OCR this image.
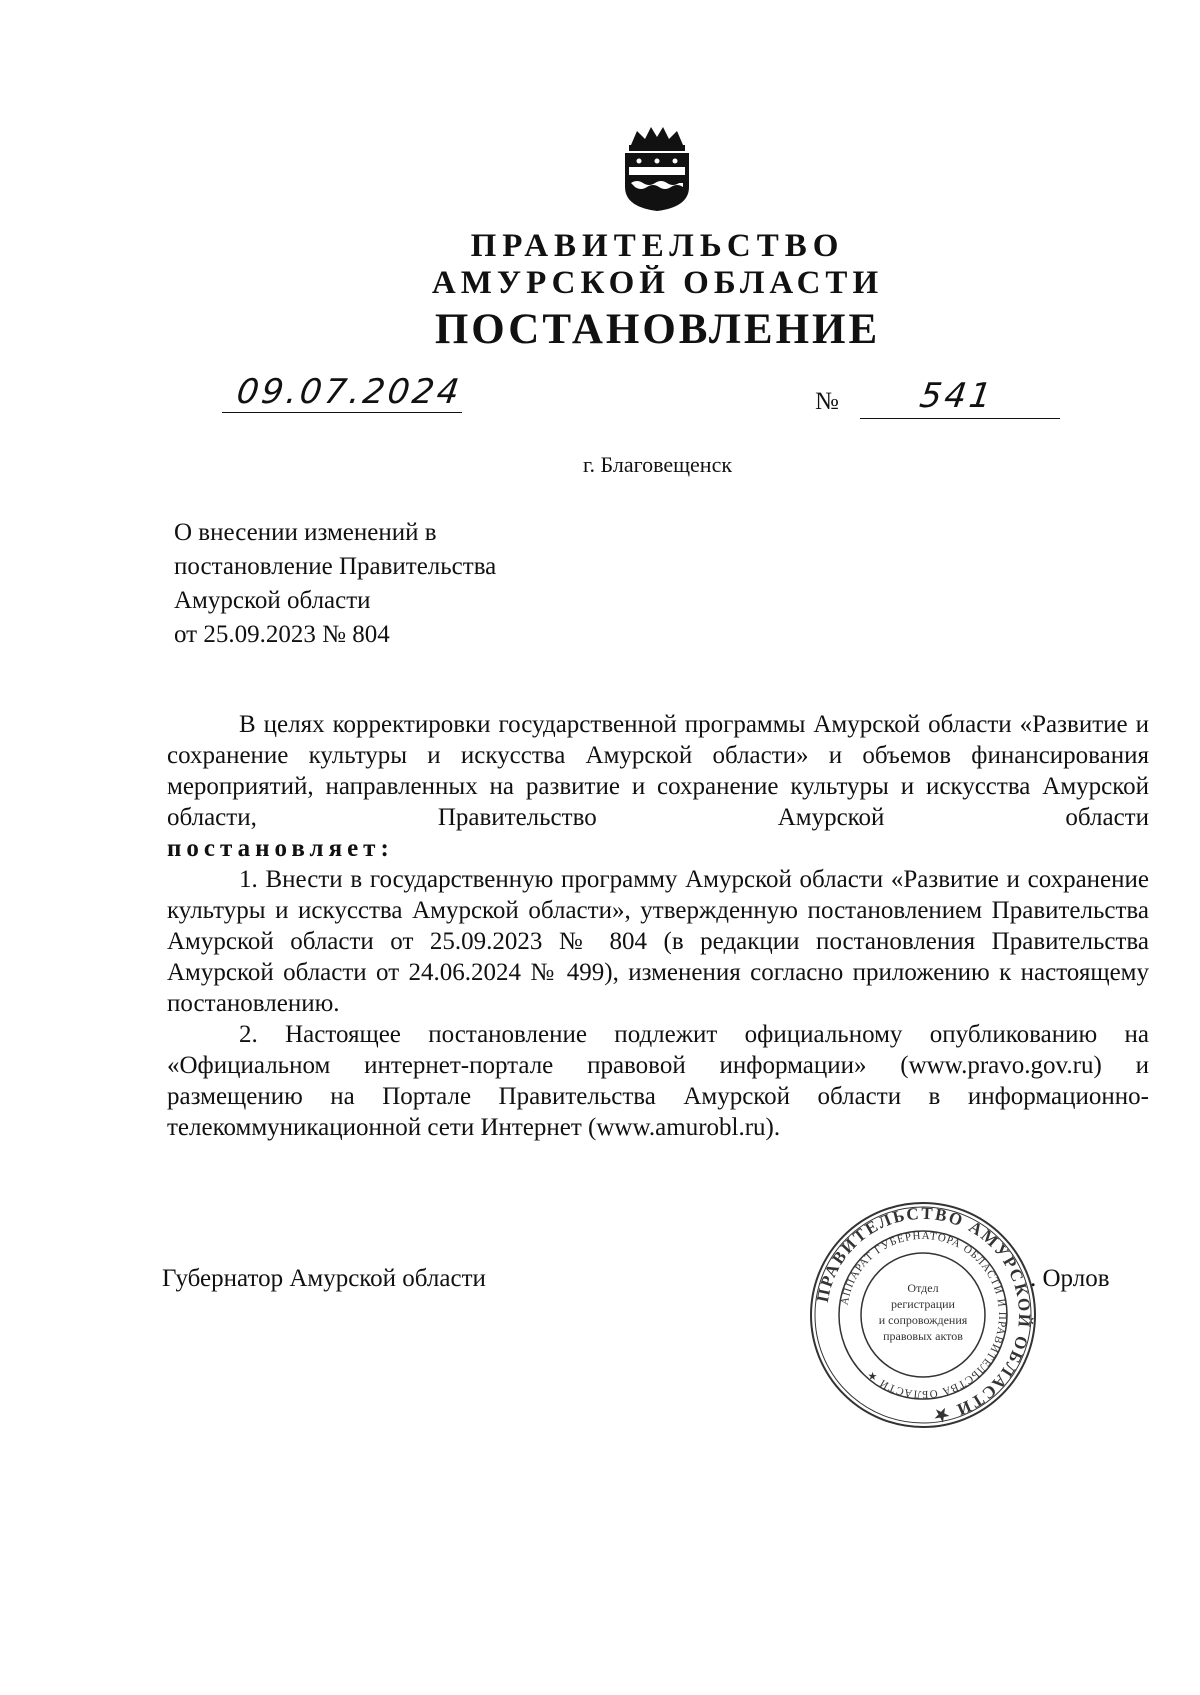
ПРАВИТЕЛЬСТВО
АМУРСКОЙ ОБЛАСТИ
ПОСТАНОВЛЕНИЕ
09.07.2024	№ 541
г. Благовещенск
О внесении изменений в
постановление Правительства
Амурской области
от 25.09.2023 № 804

В целях корректировки государственной программы Амурской области «Развитие и сохранение культуры и искусства Амурской области» и объемов финансирования мероприятий, направленных на развитие и сохранение культуры и искусства Амурской области, Правительство Амурской области

постановляет:

1. Внести в государственную программу Амурской области «Развитие и сохранение культуры и искусства Амурской области», утвержденную постановлением Правительства Амурской области от 25.09.2023 № 804 (в редакции постановления Правительства Амурской области от 24.06.2024 № 499), изменения согласно приложению к настоящему постановлению.

2. Настоящее постановление подлежит официальному опубликованию на «Официальном интернет-портале правовой информации» (www.pravo.gov.ru) и размещению на Портале Правительства Амурской области в информационно-телекоммуникационной сети Интернет (www.amurobl.ru).

Губернатор Амурской области	. Орлов
ПРАВИТЕЛЬСТВО АМУРСКОЙ ОБЛАСТИ ★
АППАРАТ ГУБЕРНАТОРА ОБЛАСТИ И ПРАВИТЕЛЬСТВА ОБЛАСТИ ★
Отдел
регистрации
и сопровождения
правовых актов
